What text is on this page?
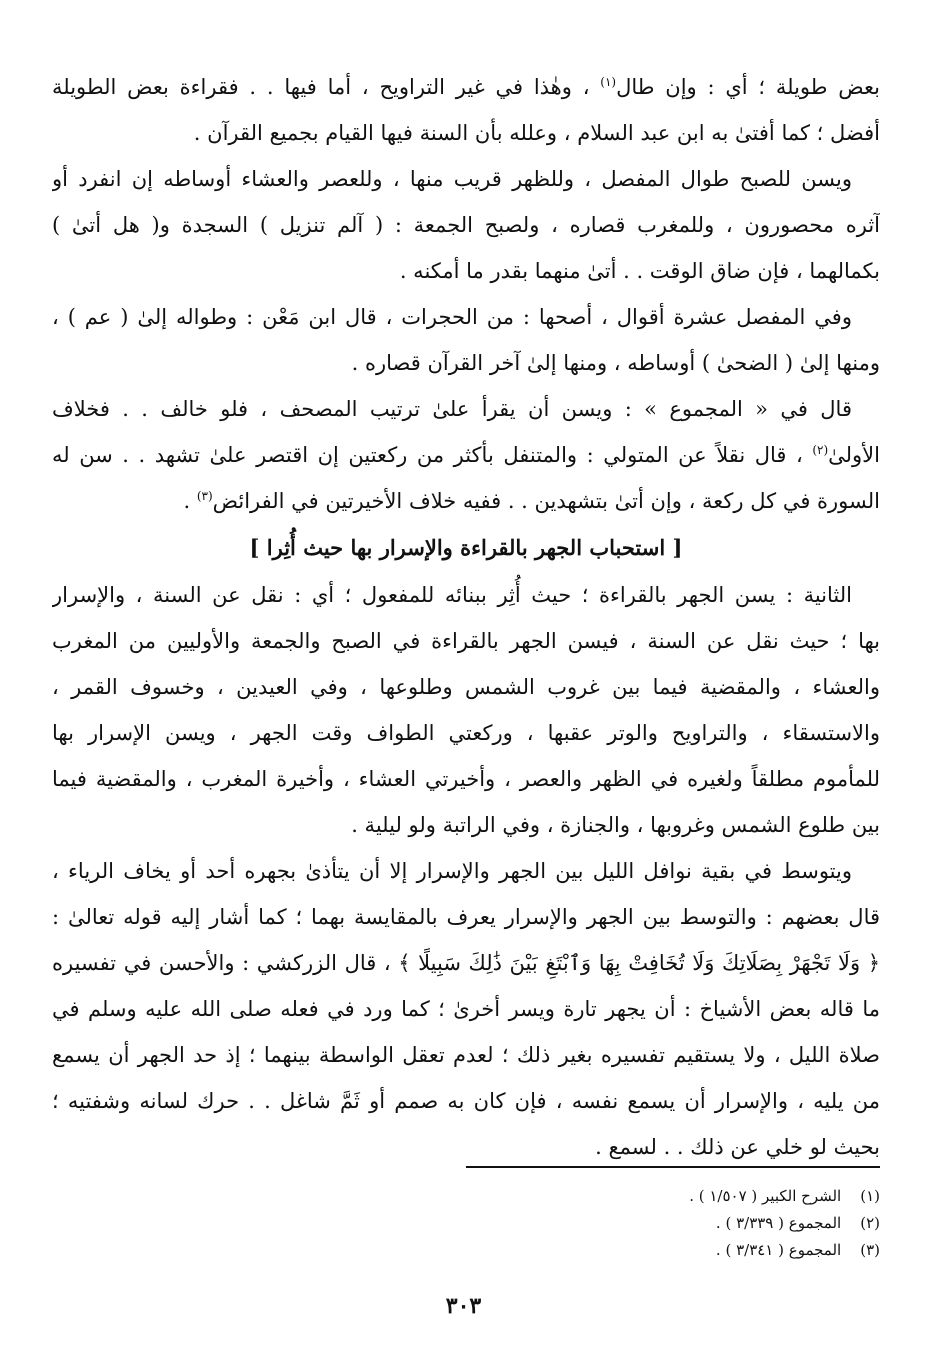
بعض طويلة ؛ أي : وإن طال$^{(١)}$ ، وهٰذا في غير التراويح ، أما فيها . . فقراءة بعض الطويلة
أفضل ؛ كما أفتىٰ به ابن عبد السلام ، وعلله بأن السنة فيها القيام بجميع القرآن .
ويسن للصبح طوال المفصل ، وللظهر قريب منها ، وللعصر والعشاء أوساطه إن انفرد أو
آثره محصورون ، وللمغرب قصاره ، ولصبح الجمعة : ( آلم تنزيل ) السجدة و( هل أتىٰ )
بكمالهما ، فإن ضاق الوقت . . أتىٰ منهما بقدر ما أمكنه .
وفي المفصل عشرة أقوال ، أصحها : من الحجرات ، قال ابن مَعْن : وطواله إلىٰ ( عم ) ،
ومنها إلىٰ ( الضحىٰ ) أوساطه ، ومنها إلىٰ آخر القرآن قصاره .
قال في « المجموع » : ويسن أن يقرأ علىٰ ترتيب المصحف ، فلو خالف . . فخلاف
الأولىٰ$^{(٢)}$ ، قال نقلاً عن المتولي : والمتنفل بأكثر من ركعتين إن اقتصر علىٰ تشهد . . سن له
السورة في كل ركعة ، وإن أتىٰ بتشهدين . . ففيه خلاف الأخيرتين في الفرائض$^{(٣)}$ .
[ استحباب الجهر بالقراءة والإسرار بها حيث أُثِرا ]
الثانية : يسن الجهر بالقراءة ؛ حيث أُثِر ببنائه للمفعول ؛ أي : نقل عن السنة ، والإسرار
بها ؛ حيث نقل عن السنة ، فيسن الجهر بالقراءة في الصبح والجمعة والأوليين من المغرب
والعشاء ، والمقضية فيما بين غروب الشمس وطلوعها ، وفي العيدين ، وخسوف القمر ،
والاستسقاء ، والتراويح والوتر عقبها ، وركعتي الطواف وقت الجهر ، ويسن الإسرار بها
للمأموم مطلقاً ولغيره في الظهر والعصر ، وأخيرتي العشاء ، وأخيرة المغرب ، والمقضية فيما
بين طلوع الشمس وغروبها ، والجنازة ، وفي الراتبة ولو ليلية .
ويتوسط في بقية نوافل الليل بين الجهر والإسرار إلا أن يتأذىٰ بجهره أحد أو يخاف الرياء ،
قال بعضهم : والتوسط بين الجهر والإسرار يعرف بالمقايسة بهما ؛ كما أشار إليه قوله تعالىٰ :
﴿ وَلَا تَجْهَرْ بِصَلَاتِكَ وَلَا تُخَافِتْ بِهَا وَٱبْتَغِ بَيْنَ ذَٰلِكَ سَبِيلًا ﴾ ، قال الزركشي : والأحسن في تفسيره
ما قاله بعض الأشياخ : أن يجهر تارة ويسر أخرىٰ ؛ كما ورد في فعله صلى الله عليه وسلم في
صلاة الليل ، ولا يستقيم تفسيره بغير ذلك ؛ لعدم تعقل الواسطة بينهما ؛ إذ حد الجهر أن يسمع
من يليه ، والإسرار أن يسمع نفسه ، فإن كان به صمم أو ثَمَّ شاغل . . حرك لسانه وشفتيه ؛
بحيث لو خلي عن ذلك . . لسمع .
(١) الشرح الكبير ( ١/٥٠٧ ) .
(٢) المجموع ( ٣/٣٣٩ ) .
(٣) المجموع ( ٣/٣٤١ ) .
٣٠٣
